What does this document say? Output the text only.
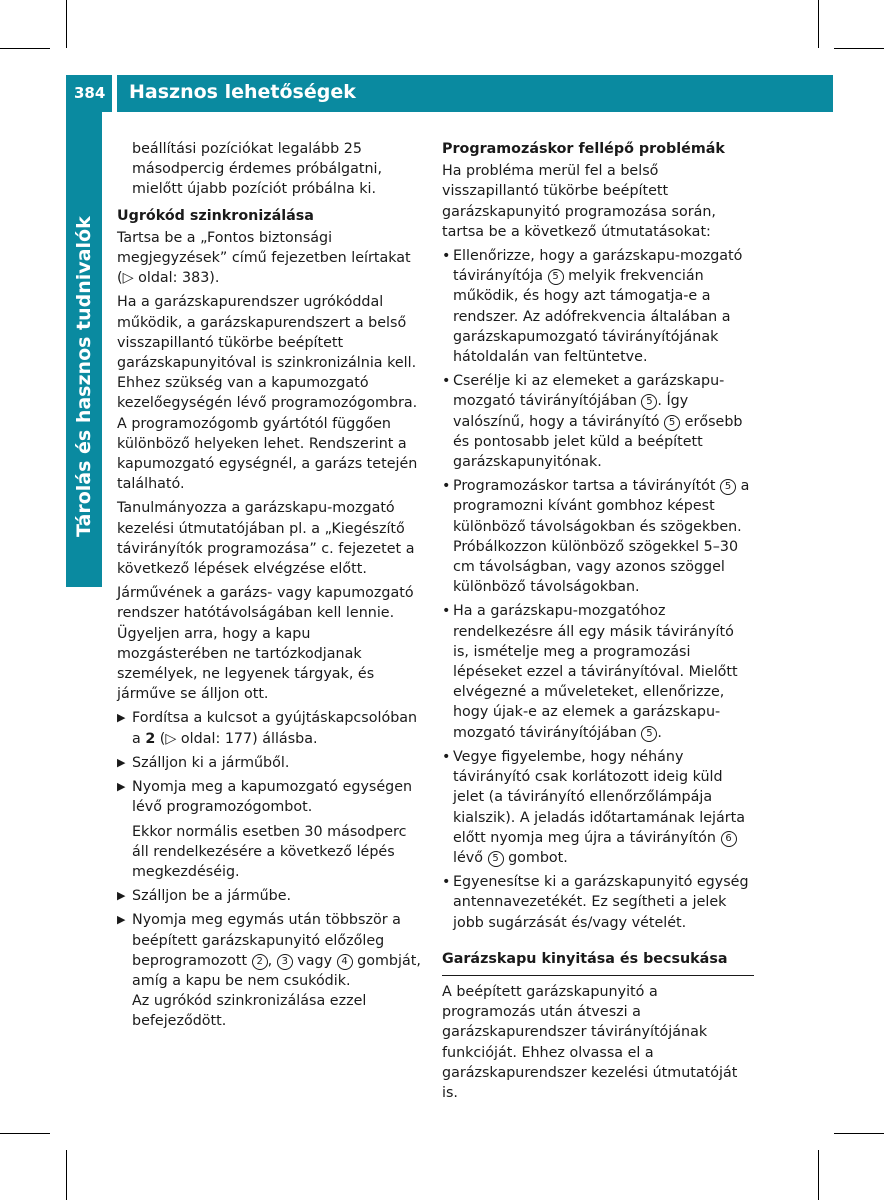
384 Hasznos lehetőségek
Tárolás és hasznos tudnivalók

beállítási pozíciókat legalább 25 másodpercig érdemes próbálgatni, mielőtt újabb pozíciót próbálna ki.

Ugrókód szinkronizálása

Tartsa be a „Fontos biztonsági megjegyzések” című fejezetben leírtakat (▷ oldal: 383).

Ha a garázskapurendszer ugrókóddal működik, a garázskapurendszert a belső visszapillantó tükörbe beépített garázskapunyitóval is szinkronizálnia kell. Ehhez szükség van a kapumozgató kezelőegységén lévő programozógombra. A programozógomb gyártótól függően különböző helyeken lehet. Rendszerint a kapumozgató egységnél, a garázs tetején található.

Tanulmányozza a garázskapu-mozgató kezelési útmutatójában pl. a „Kiegészítő távirányítók programozása” c. fejezetet a következő lépések elvégzése előtt.

Járművének a garázs- vagy kapumozgató rendszer hatótávolságában kell lennie. Ügyeljen arra, hogy a kapu mozgásterében ne tartózkodjanak személyek, ne legyenek tárgyak, és járműve se álljon ott.

▶ Fordítsa a kulcsot a gyújtáskapcsolóban a 2 (▷ oldal: 177) állásba.
▶ Szálljon ki a járműből.
▶ Nyomja meg a kapumozgató egységen lévő programozógombot.

Ekkor normális esetben 30 másodperc áll rendelkezésére a következő lépés megkezdéséig.

▶ Szálljon be a járműbe.
▶ Nyomja meg egymás után többször a beépített garázskapunyitó előzőleg beprogramozott 2 , 3 vagy 4 gombját, amíg a kapu be nem csukódik.

Az ugrókód szinkronizálása ezzel befejeződött.

Programozáskor fellépő problémák

Ha probléma merül fel a belső visszapillantó tükörbe beépített garázskapunyitó programozása során, tartsa be a következő útmutatásokat:

• Ellenőrizze, hogy a garázskapu-mozgató távirányítója 5 melyik frekvencián működik, és hogy azt támogatja-e a rendszer. Az adófrekvencia általában a garázskapumozgató távirányítójának hátoldalán van feltüntetve.
• Cserélje ki az elemeket a garázskapu-mozgató távirányítójában 5 . Így valószínű, hogy a távirányító 5 erősebb és pontosabb jelet küld a beépített garázskapunyitónak.
• Programozáskor tartsa a távirányítót 5 a programozni kívánt gombhoz képest különböző távolságokban és szögekben. Próbálkozzon különböző szögekkel 5–30 cm távolságban, vagy azonos szöggel különböző távolságokban.
• Ha a garázskapu-mozgatóhoz rendelkezésre áll egy másik távirányító is, ismételje meg a programozási lépéseket ezzel a távirányítóval. Mielőtt elvégezné a műveleteket, ellenőrizze, hogy újak-e az elemek a garázskapu-mozgató távirányítójában 5 .
• Vegye figyelembe, hogy néhány távirányító csak korlátozott ideig küld jelet (a távirányító ellenőrzőlámpája kialszik). A jeladás időtartamának lejárta előtt nyomja meg újra a távirányítón 6 lévő 5 gombot.
• Egyenesítse ki a garázskapunyitó egység antennavezetékét. Ez segítheti a jelek jobb sugárzását és/vagy vételét.
Garázskapu kinyitása és becsukása

A beépített garázskapunyitó a programozás után átveszi a garázskapurendszer távirányítójának funkcióját. Ehhez olvassa el a garázskapurendszer kezelési útmutatóját is.
